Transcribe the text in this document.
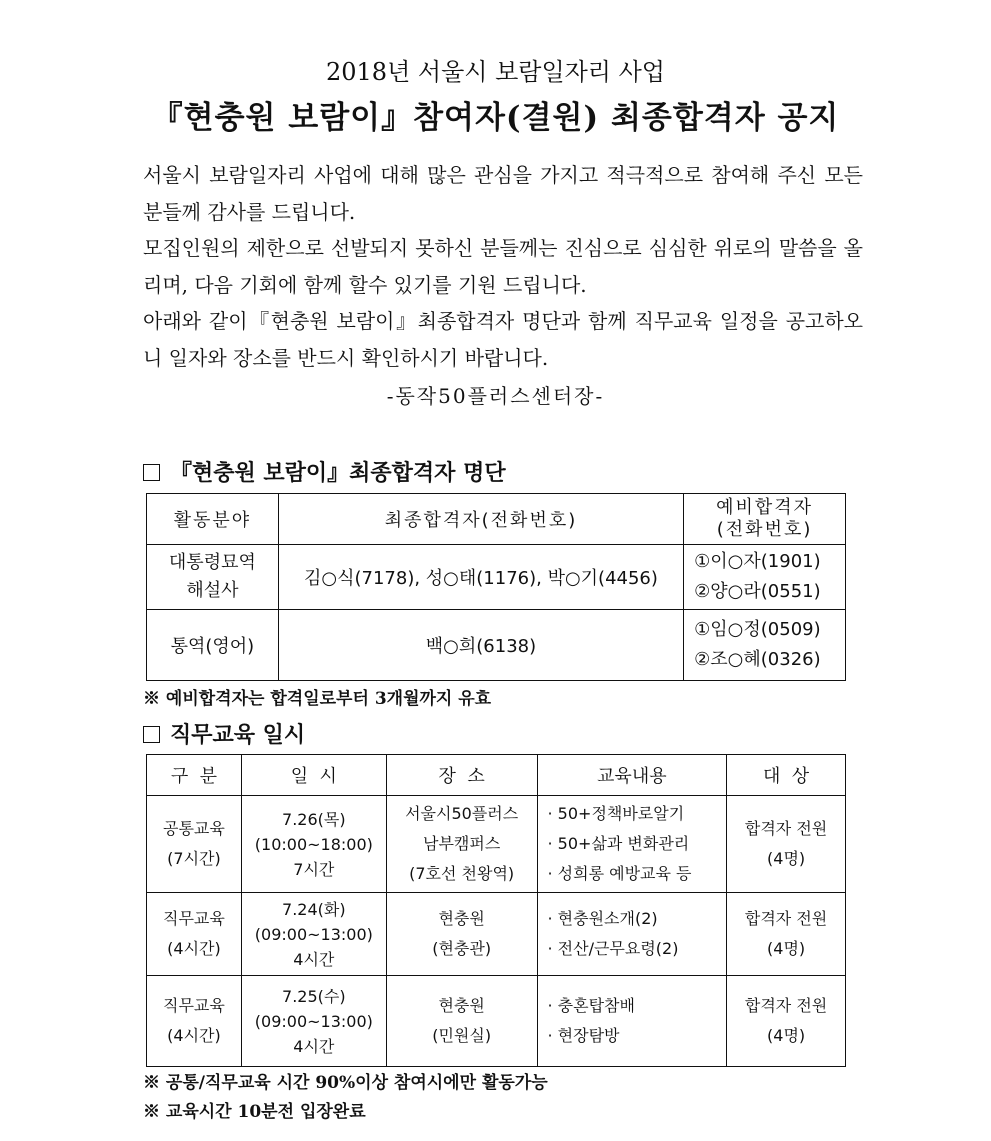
2018년 서울시 보람일자리 사업
『현충원 보람이』참여자(결원) 최종합격자 공지
서울시 보람일자리 사업에 대해 많은 관심을 가지고 적극적으로 참여해 주신 모든 분들께 감사를 드립니다.
모집인원의 제한으로 선발되지 못하신 분들께는 진심으로 심심한 위로의 말씀을 올리며, 다음 기회에 함께 할수 있기를 기원 드립니다.
아래와 같이『현충원 보람이』최종합격자 명단과 함께 직무교육 일정을 공고하오니 일자와 장소를 반드시 확인하시기 바랍니다.
-동작50플러스센터장-
『현충원 보람이』최종합격자 명단
활동분야	최종합격자(전화번호)	예비합격자
(전화번호)

대통령묘역
해설사	김○식(7178), 성○태(1176), 박○기(4456)	①이○자(1901)
②양○라(0551)

통역(영어)	백○희(6138)	①임○정(0509)
②조○혜(0326)
※ 예비합격자는 합격일로부터 3개월까지 유효
직무교육 일시
구  분	일  시	장  소	교육내용	대  상

공통교육
(7시간)	7.26(목)
(10:00~18:00)
7시간	서울시50플러스
남부캠퍼스
(7호선 천왕역)	· 50+정책바로알기
· 50+삶과 변화관리
· 성희롱 예방교육 등	합격자 전원
(4명)

직무교육
(4시간)	7.24(화)
(09:00~13:00)
4시간	현충원
(현충관)	· 현충원소개(2)
· 전산/근무요령(2)	합격자 전원
(4명)

직무교육
(4시간)	7.25(수)
(09:00~13:00)
4시간	현충원
(민원실)	· 충혼탑참배
· 현장탐방	합격자 전원
(4명)
※ 공통/직무교육 시간 90%이상 참여시에만 활동가능
※ 교육시간 10분전 입장완료
